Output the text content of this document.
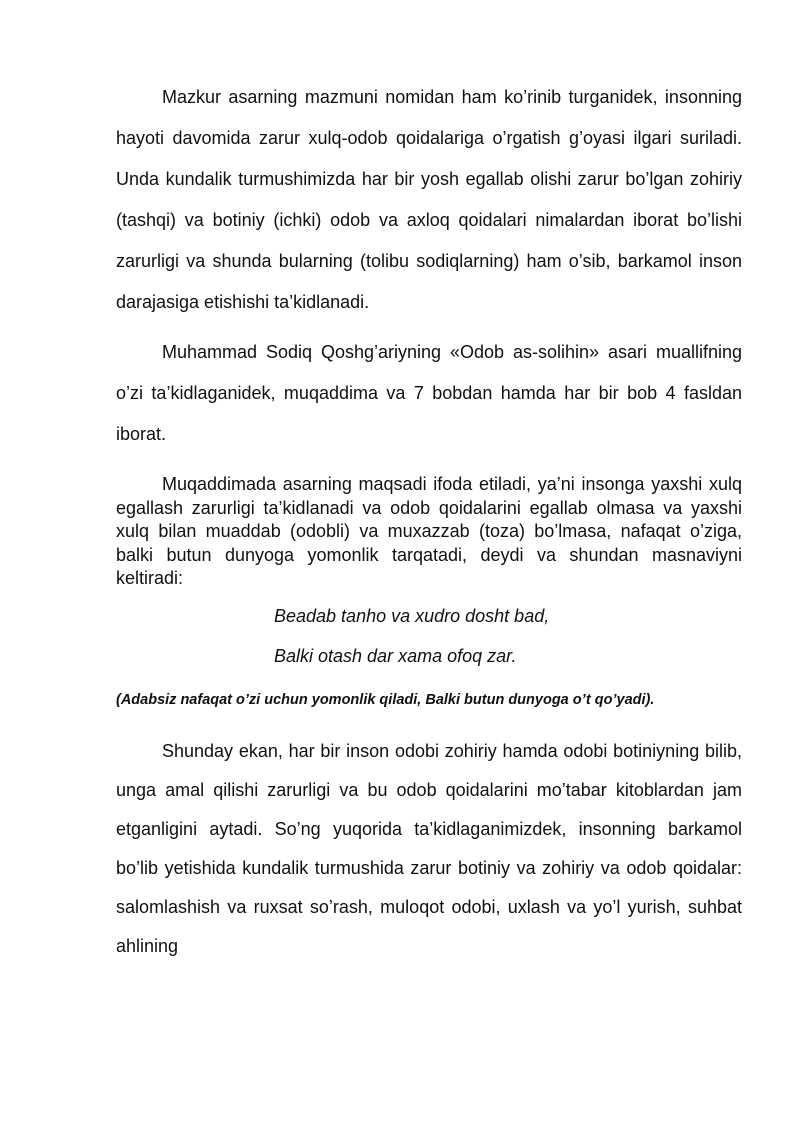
Mazkur asarning mazmuni nomidan ham ko’rinib turganidek, insonning hayoti davomida zarur xulq-odob qoidalariga o’rgatish g’oyasi ilgari suriladi. Unda kundalik turmushimizda har bir yosh egallab olishi zarur bo’lgan zohiriy (tashqi) va botiniy (ichki) odob va axloq qoidalari nimalardan iborat bo’lishi zarurligi va shunda bularning (tolibu sodiqlarning) ham o’sib, barkamol inson darajasiga etishishi ta’kidlanadi.

Muhammad Sodiq Qoshg’ariyning «Odob as-solihin» asari muallifning o’zi ta’kidlaganidek, muqaddima va 7 bobdan hamda har bir bob 4 fasldan iborat.

Muqaddimada asarning maqsadi ifoda etiladi, ya’ni insonga yaxshi xulq egallash zarurligi ta’kidlanadi va odob qoidalarini egallab olmasa va yaxshi xulq bilan muaddab (odobli) va muxazzab (toza) bo’lmasa, nafaqat o’ziga, balki butun dunyoga yomonlik tarqatadi, deydi va shundan masnaviyni keltiradi:

Beadab tanho va xudro dosht bad,
Balki otash dar xama ofoq zar.

(Adabsiz nafaqat o’zi uchun yomonlik qiladi, Balki butun dunyoga o’t qo’yadi).

Shunday ekan, har bir inson odobi zohiriy hamda odobi botiniyning bilib, unga amal qilishi zarurligi va bu odob qoidalarini mo’tabar kitoblardan jam etganligini aytadi. So’ng yuqorida ta’kidlaganimizdek, insonning barkamol bo’lib yetishida kundalik turmushida zarur botiniy va zohiriy va odob qoidalar: salomlashish va ruxsat so’rash, muloqot odobi, uxlash va yo’l yurish, suhbat ahlining
